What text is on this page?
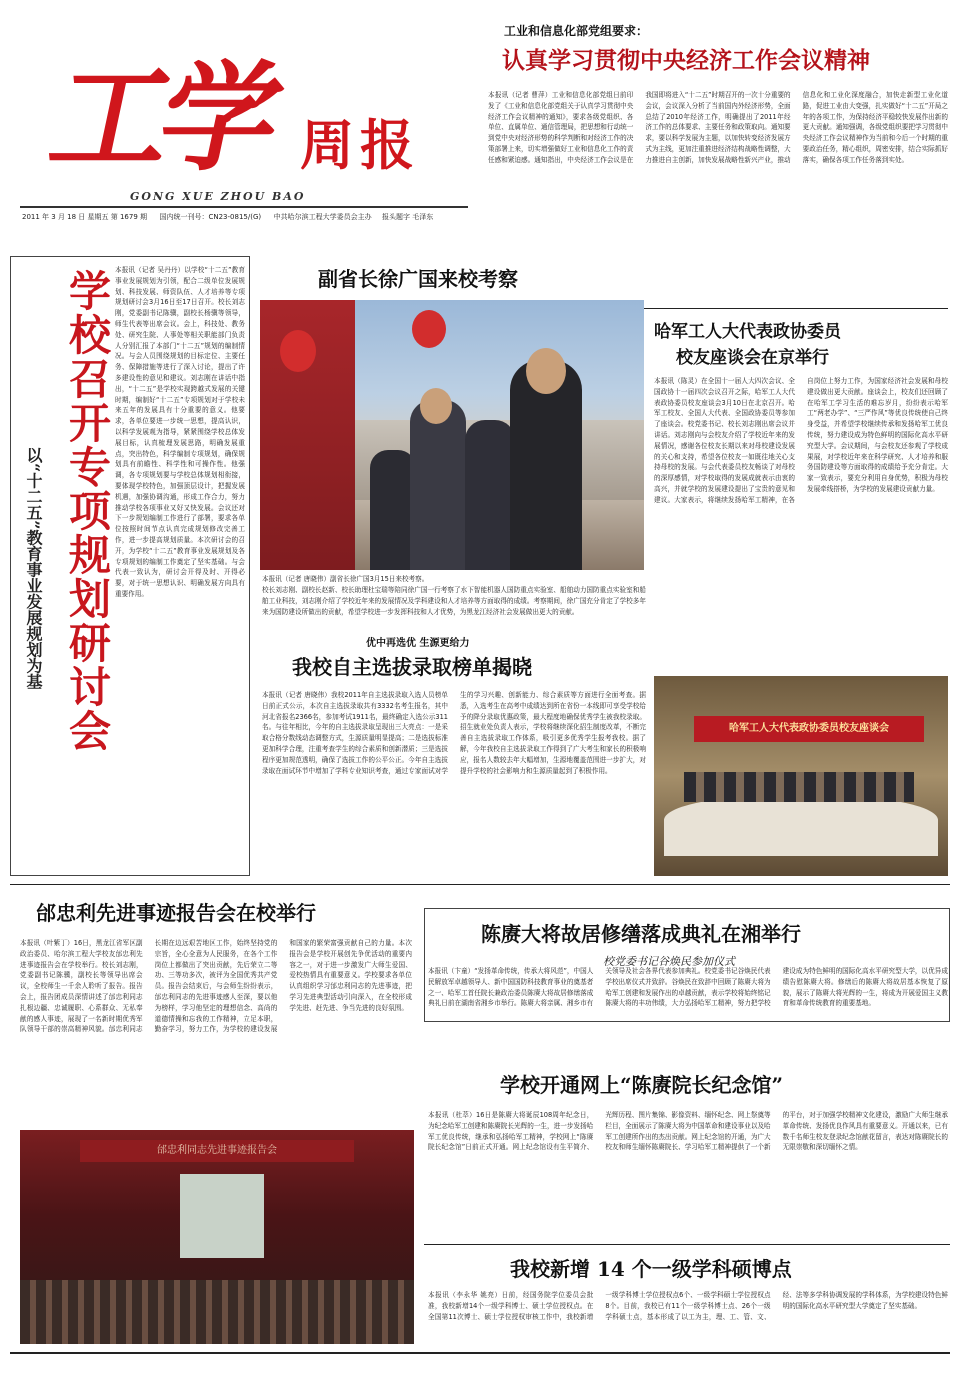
工学 周报
GONG XUE ZHOU BAO
2011 年 3 月 18 日 星期五 第 1679 期 国内统一刊号：CN23-0815/(G) 中共哈尔滨工程大学委员会主办 报头题字 毛泽东
工业和信息化部党组要求：
认真学习贯彻中央经济工作会议精神
本报讯（记者 曹萍）工业和信息化部党组日前印发了《工业和信息化部党组关于认真学习贯彻中央经济工作会议精神的通知》，要求各级党组织、各单位、直属单位、通信管理局，把思想和行动统一到党中央对经济形势的科学判断和对经济工作的决策部署上来，切实增强做好工业和信息化工作的责任感和紧迫感。通知指出，中央经济工作会议是在我国即将进入“十二五”时期召开的一次十分重要的会议，会议深入分析了当前国内外经济形势，全面总结了2010年经济工作，明确提出了2011年经济工作的总体要求、主要任务和政策取向。通知要求，要以科学发展为主题，以加快转变经济发展方式为主线，更加注重推进经济结构战略性调整，大力推进自主创新，加快发展战略性新兴产业，推动信息化和工业化深度融合，加快走新型工业化道路，促进工业由大变强，扎实做好“十二五”开局之年的各项工作，为保持经济平稳较快发展作出新的更大贡献。通知强调，各级党组织要把学习贯彻中央经济工作会议精神作为当前和今后一个时期的重要政治任务，精心组织，周密安排，结合实际抓好落实，确保各项工作任务落到实处。
学校召开专项规划研讨会
以“十二五”教育事业发展规划为基
本报讯（记者 吴丹丹）以学校“十二五”教育事业发展规划为引领，配合二级单位发展规划、科技发展、师资队伍、人才培养等专项规划研讨会3月16日至17日召开。校长刘志刚，党委副书记陈骥，副校长杨骥等领导，师生代表等出席会议。会上，科技处、教务处、研究生院、人事处等相关职能部门负责人分别汇报了本部门“十二五”规划的编制情况。与会人员围绕规划的目标定位、主要任务、保障措施等进行了深入讨论，提出了许多建设性的意见和建议。刘志刚在讲话中指出，“十二五”是学校实现跨越式发展的关键时期，编制好“十二五”专项规划对于学校未来五年的发展具有十分重要的意义。他要求，各单位要进一步统一思想，提高认识，以科学发展观为指导，紧紧围绕学校总体发展目标，认真梳理发展思路，明确发展重点，突出特色，科学编制专项规划，确保规划具有前瞻性、科学性和可操作性。他强调，各专项规划要与学校总体规划相衔接，要体现学校特色，加强顶层设计，把握发展机遇，加强协调沟通，形成工作合力，努力推动学校各项事业又好又快发展。会议还对下一步规划编制工作进行了部署，要求各单位按照时间节点认真完成规划修改完善工作，进一步提高规划质量。本次研讨会的召开，为学校“十二五”教育事业发展规划及各专项规划的编制工作奠定了坚实基础。与会代表一致认为，研讨会开得及时、开得必要，对于统一思想认识、明确发展方向具有重要作用。
副省长徐广国来校考察
本报讯（记者 唐晓伟）副省长徐广国3月15日来校考察。
校长刘志刚、副校长赵新、校长助理杜宝瑞等陪同徐广国一行考察了水下智能机器人国防重点实验室、船舶动力国防重点实验室和船舶工业科技，刘志刚介绍了学校近年来的发展情况及学科建设和人才培养等方面取得的成绩。考察期间，徐广国充分肯定了学校多年来为国防建设所做出的贡献，希望学校进一步发挥科技和人才优势，为黑龙江经济社会发展做出更大的贡献。
优中再选优 生源更给力
我校自主选拔录取榜单揭晓
本报讯（记者 唐晓伟）我校2011年自主选拔录取入选人员榜单日前正式公示，本次自主选拔录取共有3332名考生报名，其中河北省报名2366名，参加考试1911名，最终确定入选公示311名。与往年相比，今年的自主选拔录取呈现出三大亮点：一是采取合格分数线动态调整方式，生源质量明显提高；二是选拔标准更加科学合理，注重考查学生的综合素质和创新潜质；三是选拔程序更加规范透明，确保了选拔工作的公平公正。今年自主选拔录取在面试环节中增加了学科专业知识考查，通过专家面试对学生的学习兴趣、创新能力、综合素质等方面进行全面考查。据悉，入选考生在高考中成绩达到所在省份一本线即可享受学校给予的降分录取优惠政策，最大程度地确保优秀学生被我校录取。招生就业处负责人表示，学校将继续深化招生制度改革，不断完善自主选拔录取工作体系，吸引更多优秀学生报考我校。据了解，今年我校自主选拔录取工作得到了广大考生和家长的积极响应，报名人数较去年大幅增加，生源地覆盖范围进一步扩大，对提升学校的社会影响力和生源质量起到了积极作用。
哈军工人大代表政协委员
校友座谈会在京举行
本报讯（陈灵）在全国十一届人大四次会议、全国政协十一届四次会议召开之际，哈军工人大代表政协委员校友座谈会3月10日在北京召开。哈军工校友、全国人大代表、全国政协委员等参加了座谈会。校党委书记、校长刘志刚出席会议并讲话。刘志刚向与会校友介绍了学校近年来的发展情况，感谢各位校友长期以来对母校建设发展的关心和支持，希望各位校友一如既往地关心支持母校的发展。与会代表委员校友畅谈了对母校的深厚感情，对学校取得的发展成就表示由衷的高兴，并就学校的发展建设提出了宝贵的意见和建议。大家表示，将继续发扬哈军工精神，在各自岗位上努力工作，为国家经济社会发展和母校建设做出更大贡献。座谈会上，校友们还回顾了在哈军工学习生活的难忘岁月，纷纷表示哈军工“两老办学”、“三严作风”等优良传统使自己终身受益，并希望学校继续传承和发扬哈军工优良传统，努力建设成为特色鲜明的国际化高水平研究型大学。会议期间，与会校友还参观了学校成果展，对学校近年来在科学研究、人才培养和服务国防建设等方面取得的成绩给予充分肯定。大家一致表示，要充分利用自身优势，积极为母校发展牵线搭桥，为学校的发展建设贡献力量。
哈军工人大代表政协委员校友座谈会
邰忠利先进事迹报告会在校举行
本报讯（叶紫丁）16日，黑龙江省军区副政治委员、哈尔滨工程大学校友邰忠利先进事迹报告会在学校举行。校长刘志刚，党委副书记陈骥，副校长等领导出席会议，全校师生一千余人聆听了报告。报告会上，报告团成员深情讲述了邰忠利同志扎根边疆、忠诚履职、心系群众、无私奉献的感人事迹，展现了一名新时期优秀军队领导干部的崇高精神风貌。邰忠利同志长期在边远艰苦地区工作，始终坚持党的宗旨，全心全意为人民服务，在各个工作岗位上都做出了突出贡献，先后荣立二等功、三等功多次，被评为全国优秀共产党员。报告会结束后，与会师生纷纷表示，邰忠利同志的先进事迹感人至深，要以他为榜样，学习他坚定的理想信念、高尚的道德情操和忘我的工作精神，立足本职，勤奋学习，努力工作，为学校的建设发展和国家的繁荣富强贡献自己的力量。本次报告会是学校开展创先争优活动的重要内容之一，对于进一步激发广大师生爱国、爱校热情具有重要意义。学校要求各单位认真组织学习邰忠利同志的先进事迹，把学习先进典型活动引向深入，在全校形成学先进、赶先进、争当先进的良好氛围。
邰忠利同志先进事迹报告会
陈赓大将故居修缮落成典礼在湘举行
校党委书记谷焕民参加仪式
本报讯（卞童）“发扬革命传统，传承大将风范”，中国人民解放军卓越领导人、新中国国防科技教育事业的奠基者之一、哈军工首任院长兼政治委员陈赓大将故居修缮落成典礼日前在湖南省湘乡市举行。陈赓大将亲属、湘乡市有关领导及社会各界代表参加典礼。校党委书记谷焕民代表学校出席仪式并致辞。谷焕民在致辞中回顾了陈赓大将为哈军工创建和发展作出的卓越贡献，表示学校将始终铭记陈赓大将的丰功伟绩，大力弘扬哈军工精神，努力把学校建设成为特色鲜明的国际化高水平研究型大学，以优异成绩告慰陈赓大将。修缮后的陈赓大将故居基本恢复了原貌，展示了陈赓大将光辉的一生，将成为开展爱国主义教育和革命传统教育的重要基地。
学校开通网上“陈赓院长纪念馆”
本报讯（杜萃）16日是陈赓大将诞辰108周年纪念日，为纪念哈军工创建和陈赓院长光辉的一生，进一步发扬哈军工优良传统，继承和弘扬哈军工精神，学校网上“陈赓院长纪念馆”日前正式开通。网上纪念馆设有生平简介、光辉历程、图片集锦、影像资料、缅怀纪念、网上祭奠等栏目，全面展示了陈赓大将为中国革命和建设事业以及哈军工创建所作出的杰出贡献。网上纪念馆的开通，为广大校友和师生缅怀陈赓院长、学习哈军工精神提供了一个新的平台，对于加强学校精神文化建设，激励广大师生继承革命传统、发扬优良作风具有重要意义。开通以来，已有数千名师生校友登录纪念馆献花留言，表达对陈赓院长的无限崇敬和深切缅怀之情。
我校新增 14 个一级学科硕博点
本报讯（李永华 姚亮）日前，经国务院学位委员会批准，我校新增14个一级学科博士、硕士学位授权点。在全国第11次博士、硕士学位授权审核工作中，我校新增一级学科博士学位授权点6个、一级学科硕士学位授权点8个。目前，我校已有11个一级学科博士点、26个一级学科硕士点，基本形成了以工为主，理、工、管、文、经、法等多学科协调发展的学科体系，为学校建设特色鲜明的国际化高水平研究型大学奠定了坚实基础。
